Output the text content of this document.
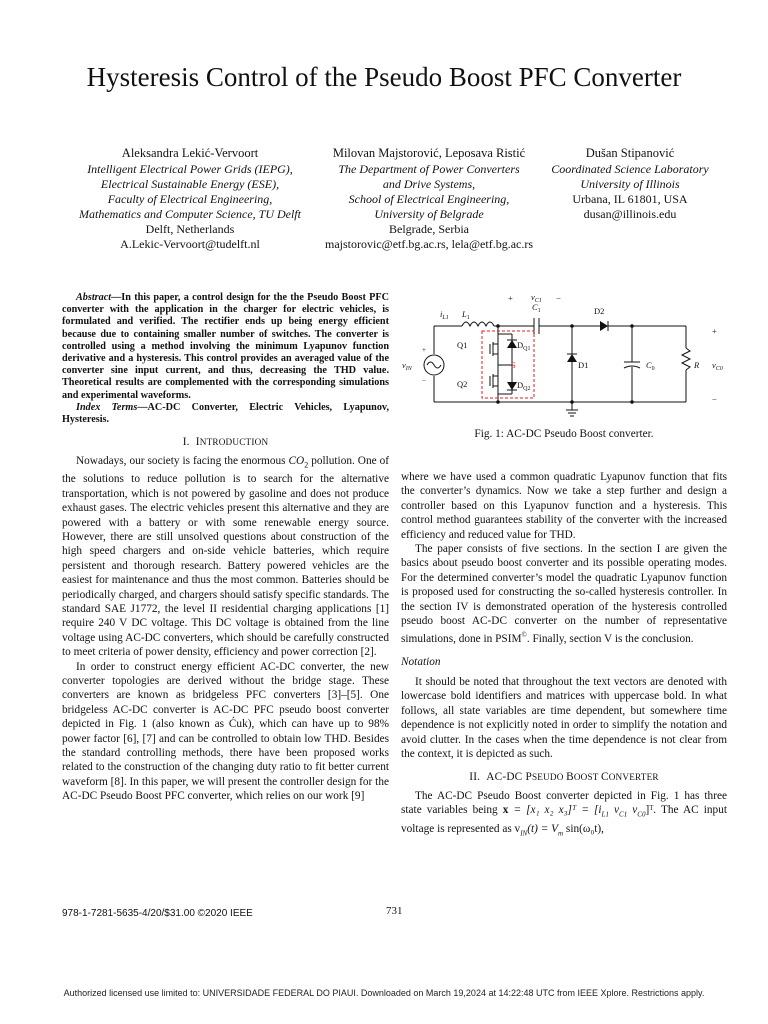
Hysteresis Control of the Pseudo Boost PFC Converter
Aleksandra Lekić-Vervoort
Intelligent Electrical Power Grids (IEPG),
Electrical Sustainable Energy (ESE),
Faculty of Electrical Engineering,
Mathematics and Computer Science, TU Delft
Delft, Netherlands
A.Lekic-Vervoort@tudelft.nl
Milovan Majstorović, Leposava Ristić
The Department of Power Converters
and Drive Systems,
School of Electrical Engineering,
University of Belgrade
Belgrade, Serbia
majstorovic@etf.bg.ac.rs, lela@etf.bg.ac.rs
Dušan Stipanović
Coordinated Science Laboratory
University of Illinois
Urbana, IL 61801, USA
dusan@illinois.edu

Abstract—In this paper, a control design for the the Pseudo Boost PFC converter with the application in the charger for electric vehicles, is formulated and verified. The rectifier ends up being energy efficient because due to containing smaller number of switches. The converter is controlled using a method involving the minimum Lyapunov function derivative and a hysteresis. This control provides an averaged value of the converter sine input current, and thus, decreasing the THD value. Theoretical results are complemented with the corresponding simulations and experimental waveforms.

Index Terms—AC-DC Converter, Electric Vehicles, Lyapunov, Hysteresis.

I. INTRODUCTION

Nowadays, our society is facing the enormous $CO_2$ pollution. One of the solutions to reduce pollution is to search for the alternative transportation, which is not powered by gasoline and does not produce exhaust gases. The electric vehicles present this alternative and they are powered with a battery or with some renewable energy source. However, there are still unsolved questions about construction of the high speed chargers and on-side vehicle batteries, which require persistent and thorough research. Battery powered vehicles are the easiest for maintenance and thus the most common. Batteries should be periodically charged, and chargers should satisfy specific standards. The standard SAE J1772, the level II residential charging applications [1] require 240 V DC voltage. This DC voltage is obtained from the line voltage using AC-DC converters, which should be carefully constructed to meet criteria of power density, efficiency and power correction [2].

In order to construct energy efficient AC-DC converter, the new converter topologies are derived without the bridge stage. These converters are known as bridgeless PFC converters [3]–[5]. One bridgeless AC-DC converter is AC-DC PFC pseudo boost converter depicted in Fig. 1 (also known as Ćuk), which can have up to 98% power factor [6], [7] and can be controlled to obtain low THD. Besides the standard controlling methods, there have been proposed works related to the construction of the changing duty ratio to fit better current waveform [8]. In this paper, we will present the controller design for the AC-DC Pseudo Boost PFC converter, which relies on our work [9]

$i_{L1}$ $L_1$
+	−
$v_{C1}$
$C_1$	D2
D1
Q1
Q2
$D_{Q1}$
$D_{Q2}$
S
$v_{IN}$
+
−
$C_0$	R $v_{C0}$
+
−
Fig. 1: AC-DC Pseudo Boost converter.

where we have used a common quadratic Lyapunov function that fits the converter’s dynamics. Now we take a step further and design a controller based on this Lyapunov function and a hysteresis. This control method guarantees stability of the converter with the increased efficiency and reduced value for THD.

The paper consists of five sections. In the section I are given the basics about pseudo boost converter and its possible operating modes. For the determined converter’s model the quadratic Lyapunov function is proposed used for constructing the so-called hysteresis controller. In the section IV is demonstrated operation of the hysteresis controlled pseudo boost AC-DC converter on the number of representative simulations, done in PSIM©. Finally, section V is the conclusion.

Notation

It should be noted that throughout the text vectors are denoted with lowercase bold identifiers and matrices with uppercase bold. In what follows, all state variables are time dependent, but somewhere time dependence is not explicitly noted in order to simplify the notation and avoid clutter. In the cases when the time dependence is not clear from the context, it is depicted as such.

II. AC-DC PSEUDO BOOST CONVERTER

The AC-DC Pseudo Boost converter depicted in Fig. 1 has three state variables being x = [x₁ x₂ x₃]ᵀ = [$i_{L1}$ $v_{C1}$ $v_{C0}]ᵀ$. The AC input voltage is represented as $v_{IN}(t) = V_m$ sin(ω₀t),

978-1-7281-5635-4/20/$31.00 ©2020 IEEE	731
Authorized licensed use limited to: UNIVERSIDADE FEDERAL DO PIAUI. Downloaded on March 19,2024 at 14:22:48 UTC from IEEE Xplore. Restrictions apply.
